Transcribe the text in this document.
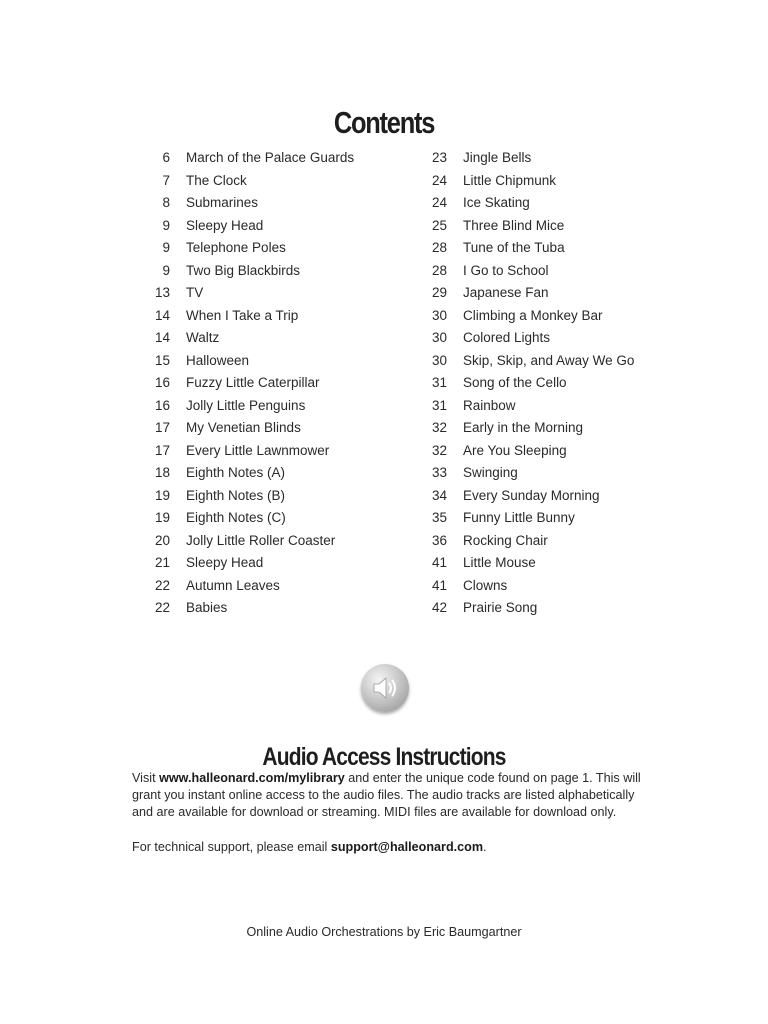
Contents
6 March of the Palace Guards
7 The Clock
8 Submarines
9 Sleepy Head
9 Telephone Poles
9 Two Big Blackbirds
13 TV
14 When I Take a Trip
14 Waltz
15 Halloween
16 Fuzzy Little Caterpillar
16 Jolly Little Penguins
17 My Venetian Blinds
17 Every Little Lawnmower
18 Eighth Notes (A)
19 Eighth Notes (B)
19 Eighth Notes (C)
20 Jolly Little Roller Coaster
21 Sleepy Head
22 Autumn Leaves
22 Babies
23 Jingle Bells
24 Little Chipmunk
24 Ice Skating
25 Three Blind Mice
28 Tune of the Tuba
28 I Go to School
29 Japanese Fan
30 Climbing a Monkey Bar
30 Colored Lights
30 Skip, Skip, and Away We Go
31 Song of the Cello
31 Rainbow
32 Early in the Morning
32 Are You Sleeping
33 Swinging
34 Every Sunday Morning
35 Funny Little Bunny
36 Rocking Chair
41 Little Mouse
41 Clowns
42 Prairie Song
Audio Access Instructions

Visit www.halleonard.com/mylibrary and enter the unique code found on page 1. This will grant you instant online access to the audio files. The audio tracks are listed alphabetically and are available for download or streaming. MIDI files are available for download only.

For technical support, please email support@halleonard.com.

Online Audio Orchestrations by Eric Baumgartner
